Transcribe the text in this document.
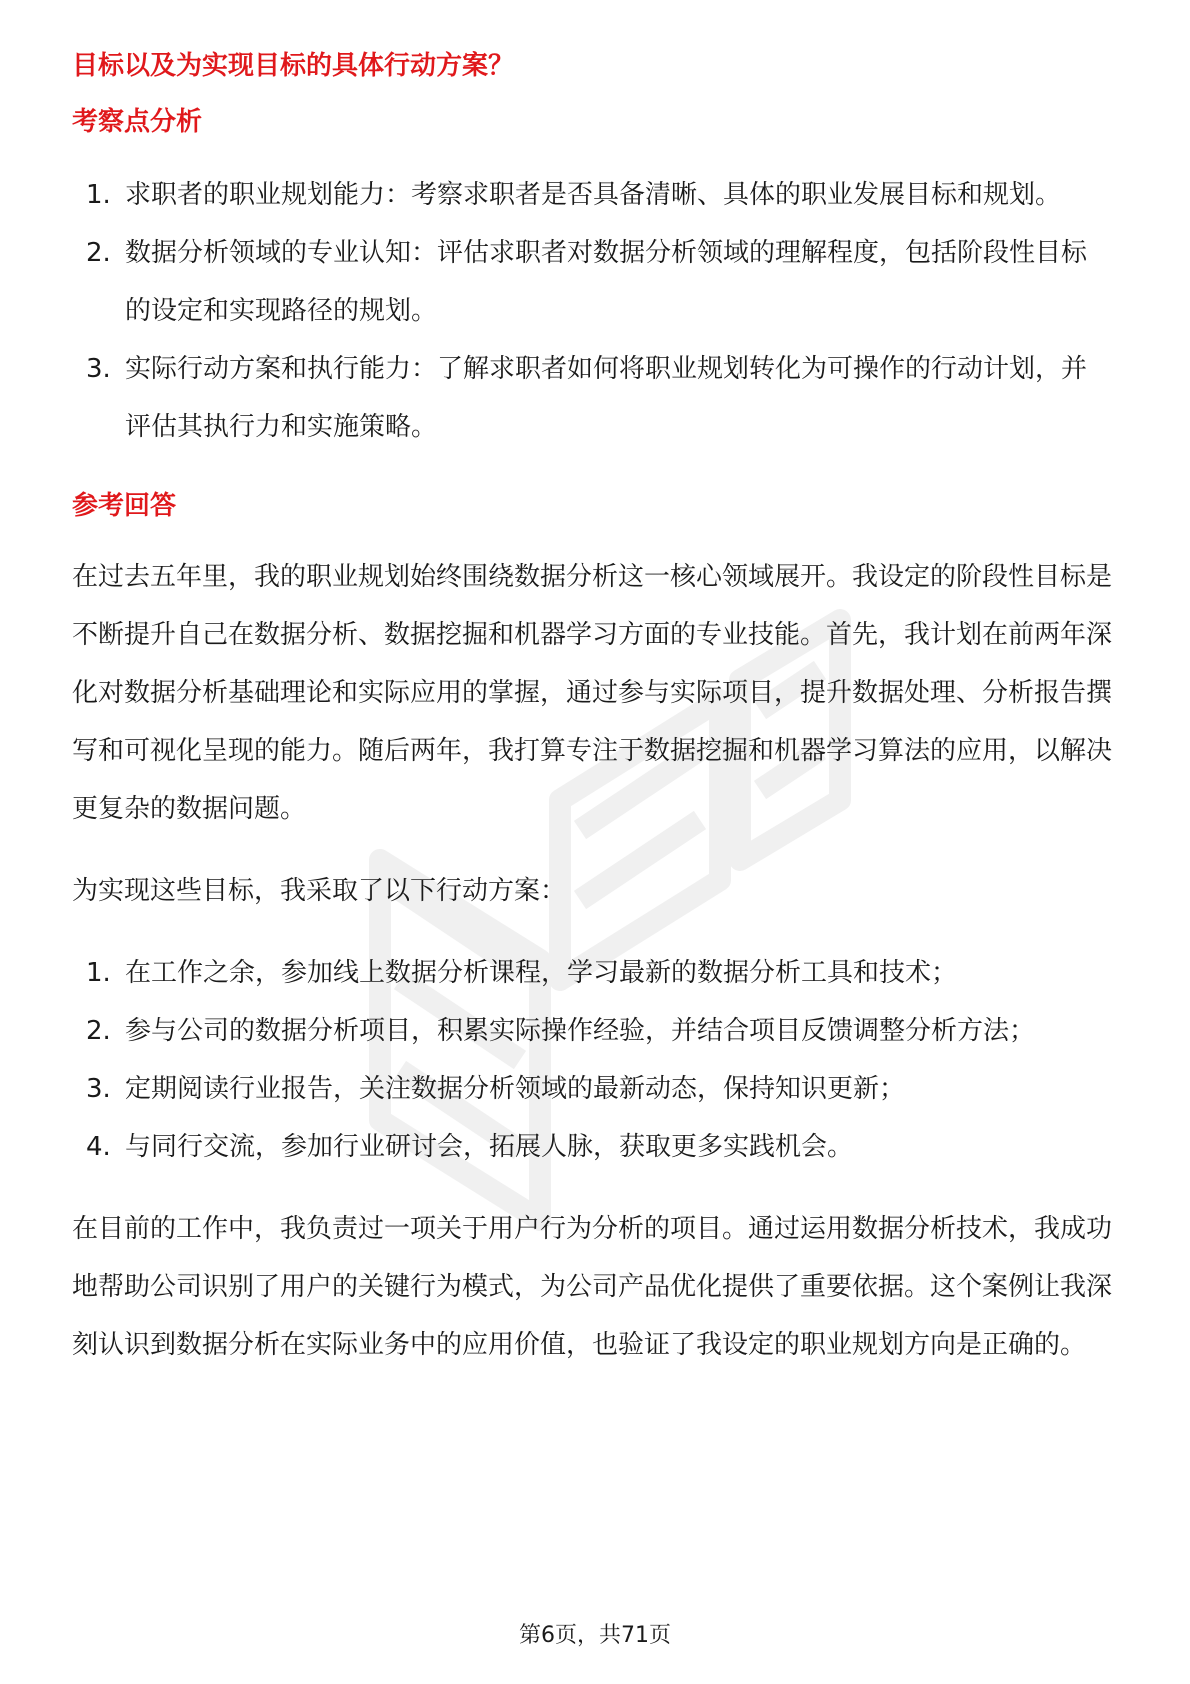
目标以及为实现目标的具体行动方案？
考察点分析
1. 求职者的职业规划能力：考察求职者是否具备清晰、具体的职业发展目标和规划。
2. 数据分析领域的专业认知：评估求职者对数据分析领域的理解程度，包括阶段性目标的设定和实现路径的规划。
3. 实际行动方案和执行能力：了解求职者如何将职业规划转化为可操作的行动计划，并评估其执行力和实施策略。
参考回答

在过去五年里，我的职业规划始终围绕数据分析这一核心领域展开。我设定的阶段性目标是不断提升自己在数据分析、数据挖掘和机器学习方面的专业技能。首先，我计划在前两年深化对数据分析基础理论和实际应用的掌握，通过参与实际项目，提升数据处理、分析报告撰写和可视化呈现的能力。随后两年，我打算专注于数据挖掘和机器学习算法的应用，以解决更复杂的数据问题。

为实现这些目标，我采取了以下行动方案：

1. 在工作之余，参加线上数据分析课程，学习最新的数据分析工具和技术；
2. 参与公司的数据分析项目，积累实际操作经验，并结合项目反馈调整分析方法；
3. 定期阅读行业报告，关注数据分析领域的最新动态，保持知识更新；
4. 与同行交流，参加行业研讨会，拓展人脉，获取更多实践机会。

在目前的工作中，我负责过一项关于用户行为分析的项目。通过运用数据分析技术，我成功地帮助公司识别了用户的关键行为模式，为公司产品优化提供了重要依据。这个案例让我深刻认识到数据分析在实际业务中的应用价值，也验证了我设定的职业规划方向是正确的。

第6页，共71页
